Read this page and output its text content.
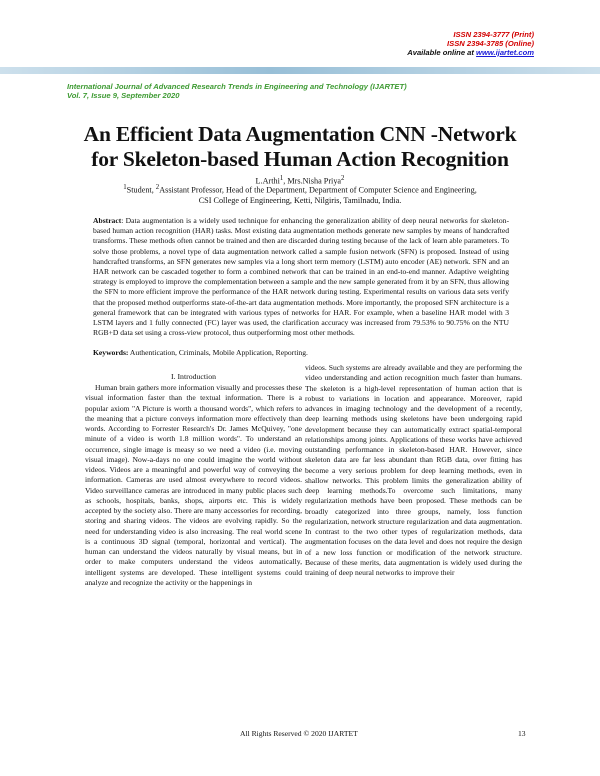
ISSN 2394-3777 (Print)
ISSN 2394-3785 (Online)
Available online at www.ijartet.com
International Journal of Advanced Research Trends in Engineering and Technology (IJARTET)
Vol. 7, Issue 9, September 2020
An Efficient Data Augmentation CNN -Network
for Skeleton-based Human Action Recognition
L.Arthi$^1$, Mrs.Nisha Priya$^2$
$^1$Student, $^2$Assistant Professor, Head of the Department, Department of Computer Science and Engineering,
CSI College of Engineering, Ketti, Nilgiris, Tamilnadu, India.

Abstract: Data augmentation is a widely used technique for enhancing the generalization ability of deep neural networks for skeleton-based human action recognition (HAR) tasks. Most existing data augmentation methods generate new samples by means of handcrafted transforms. These methods often cannot be trained and then are discarded during testing because of the lack of learn able parameters. To solve those problems, a novel type of data augmentation network called a sample fusion network (SFN) is proposed. Instead of using handcrafted transforms, an SFN generates new samples via a long short term memory (LSTM) auto encoder (AE) network. SFN and an HAR network can be cascaded together to form a combined network that can be trained in an end-to-end manner. Adaptive weighting strategy is employed to improve the complementation between a sample and the new sample generated from it by an SFN, thus allowing the SFN to more efficient improve the performance of the HAR network during testing. Experimental results on various data sets verify that the proposed method outperforms state-of-the-art data augmentation methods. More importantly, the proposed SFN architecture is a general framework that can be integrated with various types of networks for HAR. For example, when a baseline HAR model with 3 LSTM layers and 1 fully connected (FC) layer was used, the clarification accuracy was increased from 79.53% to 90.75% on the NTU RGB+D data set using a cross-view protocol, thus outperforming most other methods.

Keywords: Authentication, Criminals, Mobile Application, Reporting.
I. Introduction

Human brain gathers more information visually and processes these visual information faster than the textual information. There is a popular axiom "A Picture is worth a thousand words", which refers to the meaning that a picture conveys information more effectively than words. According to Forrester Research's Dr. James McQuivey, "one minute of a video is worth 1.8 million words". To understand an occurrence, single image is measy so we need a video (i.e. moving visual image). Now-a-days no one could imagine the world without videos. Videos are a meaningful and powerful way of conveying the information. Cameras are used almost everywhere to record videos. Video surveillance cameras are introduced in many public places such as schools, hospitals, banks, shops, airports etc. This is widely accepted by the society also. There are many accessories for recording, storing and sharing videos. The videos are evolving rapidly. So the need for understanding video is also increasing. The real world scene is a continuous 3D signal (temporal, horizontal and vertical). The human can understand the videos naturally by visual means, but in order to make computers understand the videos automatically, intelligent systems are developed. These intelligent systems could analyze and recognize the activity or the happenings in

videos. Such systems are already available and they are performing the video understanding and action recognition much faster than humans. The skeleton is a high-level representation of human action that is robust to variations in location and appearance. Moreover, rapid advances in imaging technology and the development of a recently, deep learning methods using skeletons have been undergoing rapid development because they can automatically extract spatial-temporal relationships among joints. Applications of these works have achieved outstanding performance in skeleton-based HAR. However, since skeleton data are far less abundant than RGB data, over fitting has become a very serious problem for deep learning methods, even in shallow networks. This problem limits the generalization ability of deep learning methods.To overcome such limitations, many regularization methods have been proposed. These methods can be broadly categorized into three groups, namely, loss function regularization, network structure regularization and data augmentation. In contrast to the two other types of regularization methods, data augmentation focuses on the data level and does not require the design of a new loss function or modification of the network structure. Because of these merits, data augmentation is widely used during the training of deep neural networks to improve their

All Rights Reserved © 2020 IJARTET	13
